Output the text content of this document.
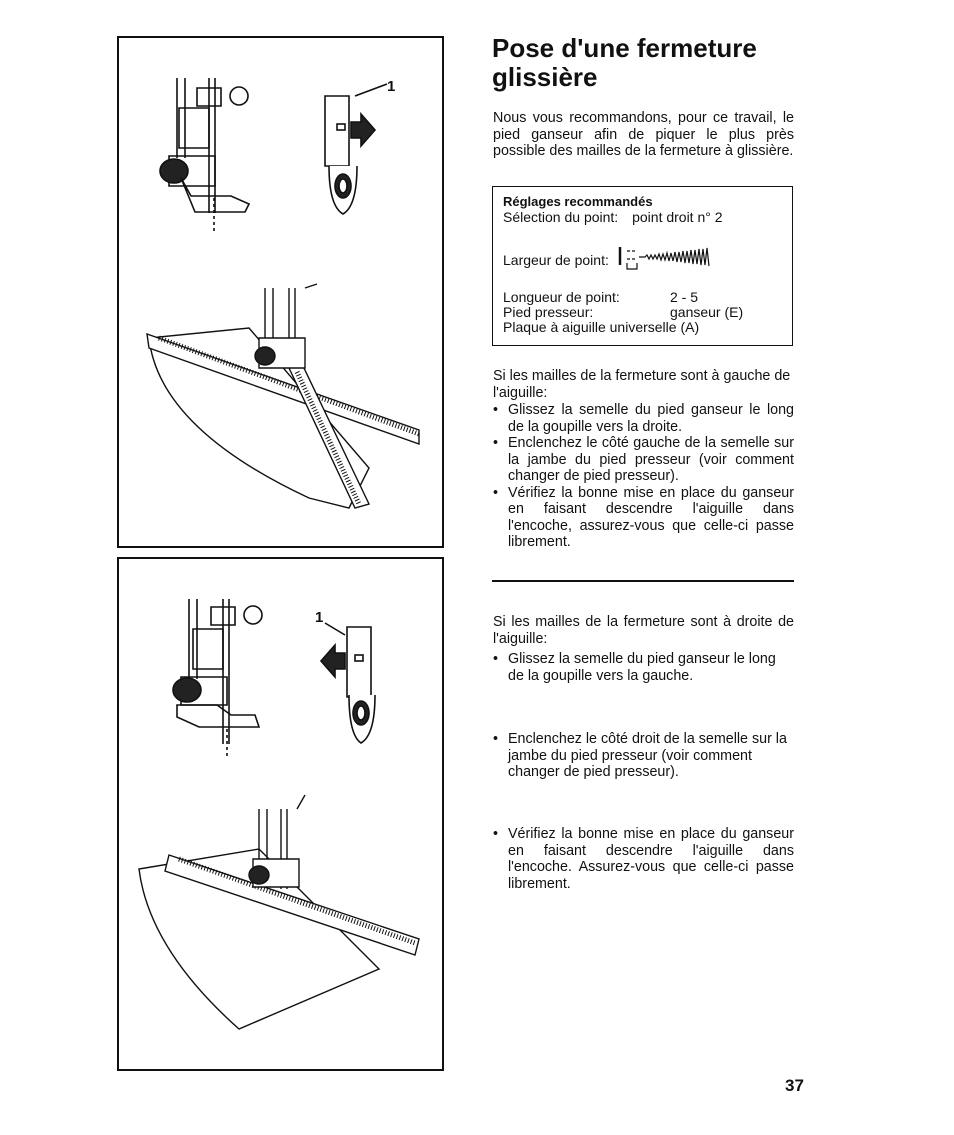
1
1
Pose d'une fermeture glissière

Nous vous recommandons, pour ce travail, le pied ganseur afin de piquer le plus près possible des mailles de la fermeture à glissière.

Réglages recommandés
Sélection du point: point droit n° 2
Largeur de point:
Longueur de point:	2 - 5
Pied presseur:	ganseur (E)
Plaque à aiguille universelle (A)

Si les mailles de la fermeture sont à gauche de l'aiguille:

• Glissez la semelle du pied ganseur le long de la goupille vers la droite.
• Enclenchez le côté gauche de la semelle sur la jambe du pied presseur (voir comment changer de pied presseur).
• Vérifiez la bonne mise en place du ganseur en faisant descendre l'aiguille dans l'encoche, assurez-vous que celle-ci passe librement.

Si les mailles de la fermeture sont à droite de l'aiguille:

• Glissez la semelle du pied ganseur le long de la goupille vers la gauche.
• Enclenchez le côté droit de la semelle sur la jambe du pied presseur (voir comment changer de pied presseur).
• Vérifiez la bonne mise en place du ganseur en faisant descendre l'aiguille dans l'encoche. Assurez-vous que celle-ci passe librement.
37
